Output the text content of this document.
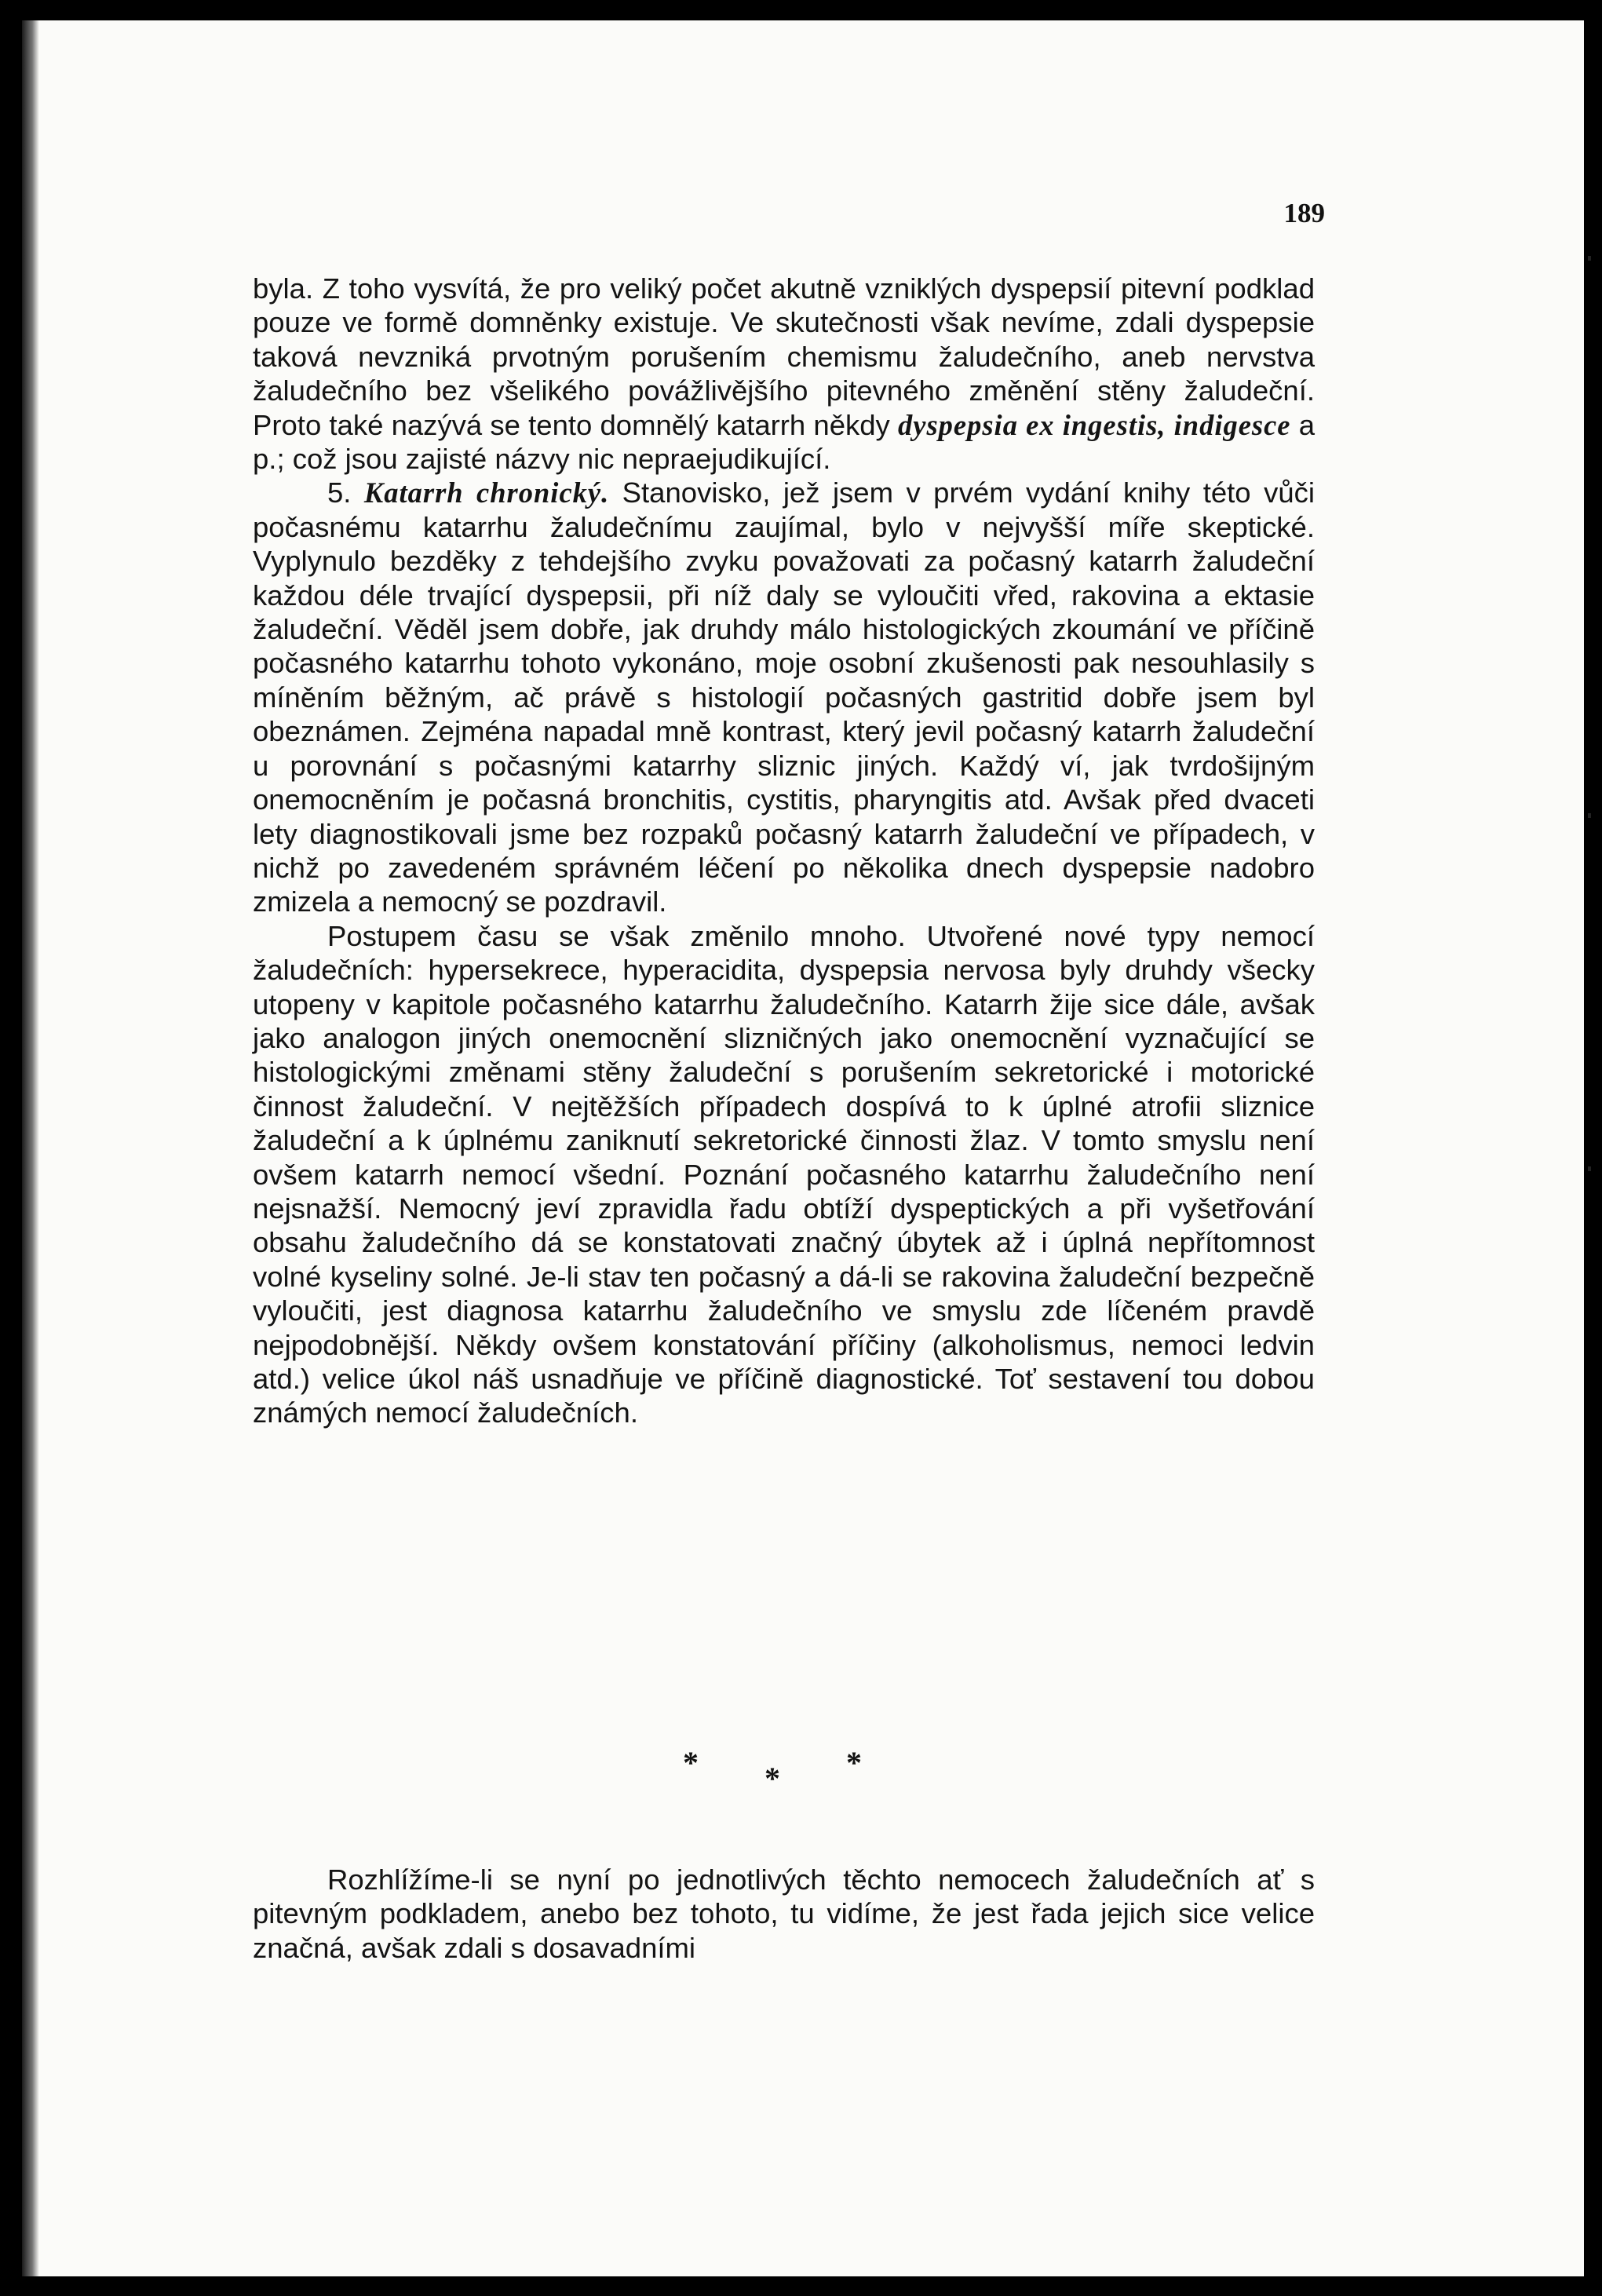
189

byla. Z toho vysvítá, že pro veliký počet akutně vzniklých dyspepsií pitevní podklad pouze ve formě domněnky existuje. Ve skutečnosti však nevíme, zdali dyspepsie taková nevzniká prvotným porušením chemismu žaludečního, aneb nervstva žaludečního bez všelikého povážlivějšího pitevného změnění stěny žaludeční. Proto také nazývá se tento domnělý katarrh někdy dyspepsia ex ingestis, indigesce a p.; což jsou zajisté názvy nic nepraejudikující.

5. Katarrh chronický. Stanovisko, jež jsem v prvém vydání knihy této vůči počasnému katarrhu žaludečnímu zaujímal, bylo v nejvyšší míře skeptické. Vyplynulo bezděky z tehdejšího zvyku považovati za počasný katarrh žaludeční každou déle trvající dyspepsii, při níž daly se vyloučiti vřed, rakovina a ektasie žaludeční. Věděl jsem dobře, jak druhdy málo histologických zkoumání ve příčině počasného katarrhu tohoto vykonáno, moje osobní zkušenosti pak nesouhlasily s míněním běžným, ač právě s histologií počasných gastritid dobře jsem byl obeznámen. Zejména napadal mně kontrast, který jevil počasný katarrh žaludeční u porovnání s počasnými katarrhy sliznic jiných. Každý ví, jak tvrdošijným onemocněním je počasná bronchitis, cystitis, pharyngitis atd. Avšak před dvaceti lety diagnostikovali jsme bez rozpaků počasný katarrh žaludeční ve případech, v nichž po zavedeném správném léčení po několika dnech dyspepsie nadobro zmizela a nemocný se pozdravil.

Postupem času se však změnilo mnoho. Utvořené nové typy nemocí žaludečních: hypersekrece, hyperacidita, dyspepsia nervosa byly druhdy všecky utopeny v kapitole počasného katarrhu žaludečního. Katarrh žije sice dále, avšak jako analogon jiných onemocnění slizničných jako onemocnění vyznačující se histologickými změnami stěny žaludeční s porušením sekretorické i motorické činnost žaludeční. V nejtěžších případech dospívá to k úplné atrofii sliznice žaludeční a k úplnému zaniknutí sekretorické činnosti žlaz. V tomto smyslu není ovšem katarrh nemocí všední. Poznání počasného katarrhu žaludečního není nejsnažší. Nemocný jeví zpravidla řadu obtíží dyspeptických a při vyšetřování obsahu žaludečního dá se konstatovati značný úbytek až i úplná nepřítomnost volné kyseliny solné. Je-li stav ten počasný a dá-li se rakovina žaludeční bezpečně vyloučiti, jest diagnosa katarrhu žaludečního ve smyslu zde líčeném pravdě nejpodobnější. Někdy ovšem konstatování příčiny (alkoholismus, nemoci ledvin atd.) velice úkol náš usnadňuje ve příčině diagnostické. Toť sestavení tou dobou známých nemocí žaludečních.

* * *

Rozhlížíme-li se nyní po jednotlivých těchto nemocech žaludečních ať s pitevným podkladem, anebo bez tohoto, tu vidíme, že jest řada jejich sice velice značná, avšak zdali s dosavadními
